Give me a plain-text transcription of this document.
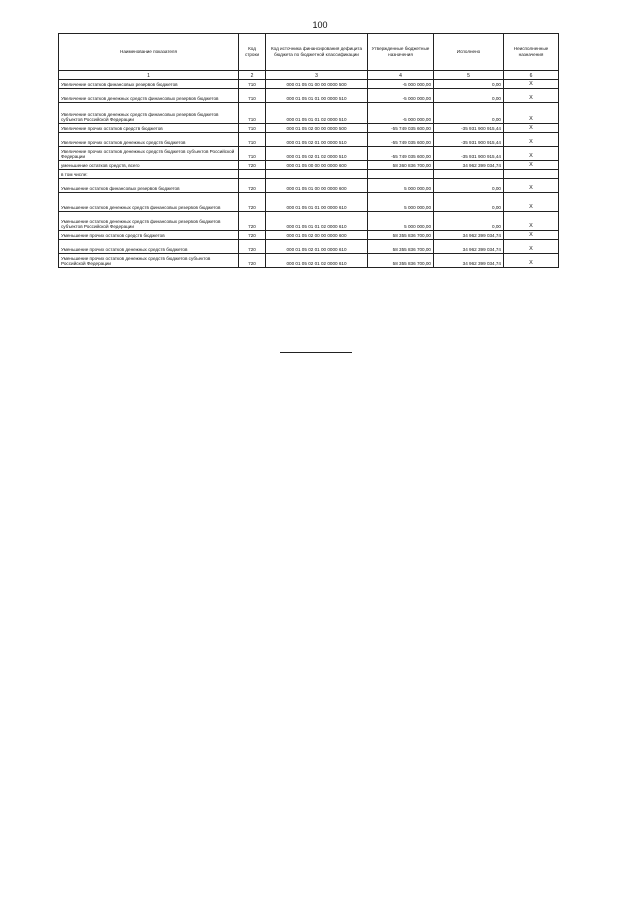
100
Наименование показателя	Код строки	Код источника финансирования дефицита бюджета по бюджетной классификации	Утвержденные бюджетные назначения	Исполнено	Неисполненные назначения
1	2	3	4	5	6
Увеличение остатков финансовых резервов бюджетов	710	000 01 05 01 00 00 0000 500	-5 000 000,00	0,00	X
Увеличение остатков денежных средств финансовых резервов бюджетов	710	000 01 05 01 01 00 0000 510	-5 000 000,00	0,00	X
Увеличение остатков денежных средств финансовых резервов бюджетов субъектов Российской Федерации	710	000 01 05 01 01 02 0000 510	-5 000 000,00	0,00	X
Увеличение прочих остатков средств бюджетов	710	000 01 05 02 00 00 0000 500	-55 749 035 600,00	-35 931 900 915,44	X
Увеличение прочих остатков денежных средств бюджетов	710	000 01 05 02 01 00 0000 510	-55 749 035 600,00	-35 931 900 915,44	X
Увеличение прочих остатков денежных средств бюджетов субъектов Российской Федерации	710	000 01 05 02 01 02 0000 510	-55 749 035 600,00	-35 931 900 915,44	X
уменьшение остатков средств, всего	720	000 01 05 00 00 00 0000 600	58 360 836 700,00	34 962 399 034,74	X
в том числе:					
Уменьшение остатков финансовых резервов бюджетов	720	000 01 05 01 00 00 0000 600	5 000 000,00	0,00	X
Уменьшение остатков денежных средств финансовых резервов бюджетов	720	000 01 05 01 01 00 0000 610	5 000 000,00	0,00	X
Уменьшение остатков денежных средств финансовых резервов бюджетов субъектов Российской Федерации	720	000 01 05 01 01 02 0000 610	5 000 000,00	0,00	X
Уменьшение прочих остатков средств бюджетов	720	000 01 05 02 00 00 0000 600	58 355 836 700,00	34 962 399 034,74	X
Уменьшение прочих остатков денежных средств бюджетов	720	000 01 05 02 01 00 0000 610	58 355 836 700,00	34 962 399 034,74	X
Уменьшение прочих остатков денежных средств бюджетов субъектов Российской Федерации	720	000 01 05 02 01 02 0000 610	58 355 836 700,00	34 962 399 034,74	X
